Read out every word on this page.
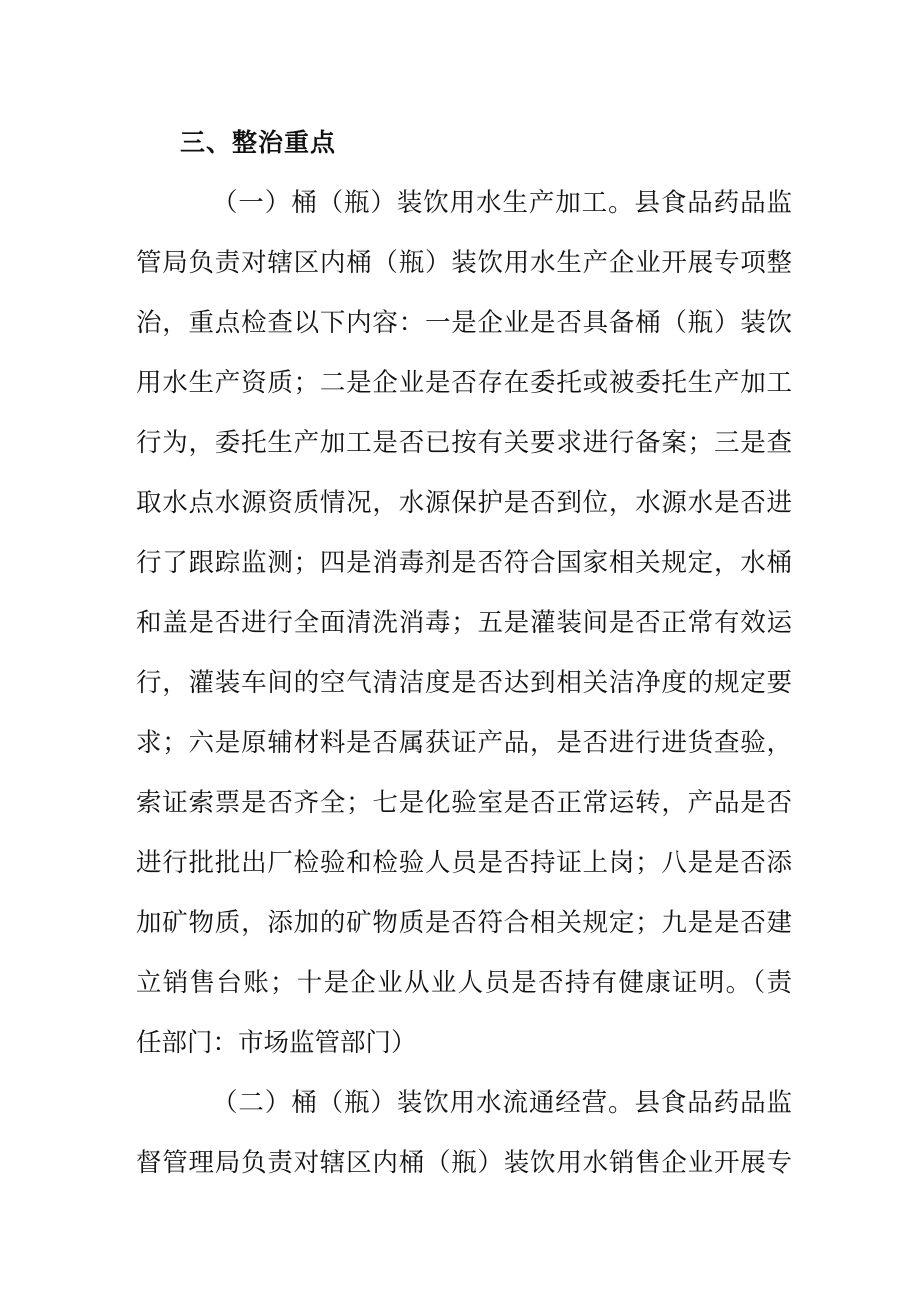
三、整治重点
（一）桶（瓶）装饮用水生产加工。县食品药品监
管局负责对辖区内桶（瓶）装饮用水生产企业开展专项整
治，重点检查以下内容：一是企业是否具备桶（瓶）装饮
用水生产资质；二是企业是否存在委托或被委托生产加工
行为，委托生产加工是否已按有关要求进行备案；三是查
取水点水源资质情况，水源保护是否到位，水源水是否进
行了跟踪监测；四是消毒剂是否符合国家相关规定，水桶
和盖是否进行全面清洗消毒；五是灌装间是否正常有效运
行，灌装车间的空气清洁度是否达到相关洁净度的规定要
求；六是原辅材料是否属获证产品，是否进行进货查验，
索证索票是否齐全；七是化验室是否正常运转，产品是否
进行批批出厂检验和检验人员是否持证上岗；八是是否添
加矿物质，添加的矿物质是否符合相关规定；九是是否建
立销售台账；十是企业从业人员是否持有健康证明。（责
任部门：市场监管部门）
（二）桶（瓶）装饮用水流通经营。县食品药品监
督管理局负责对辖区内桶（瓶）装饮用水销售企业开展专
